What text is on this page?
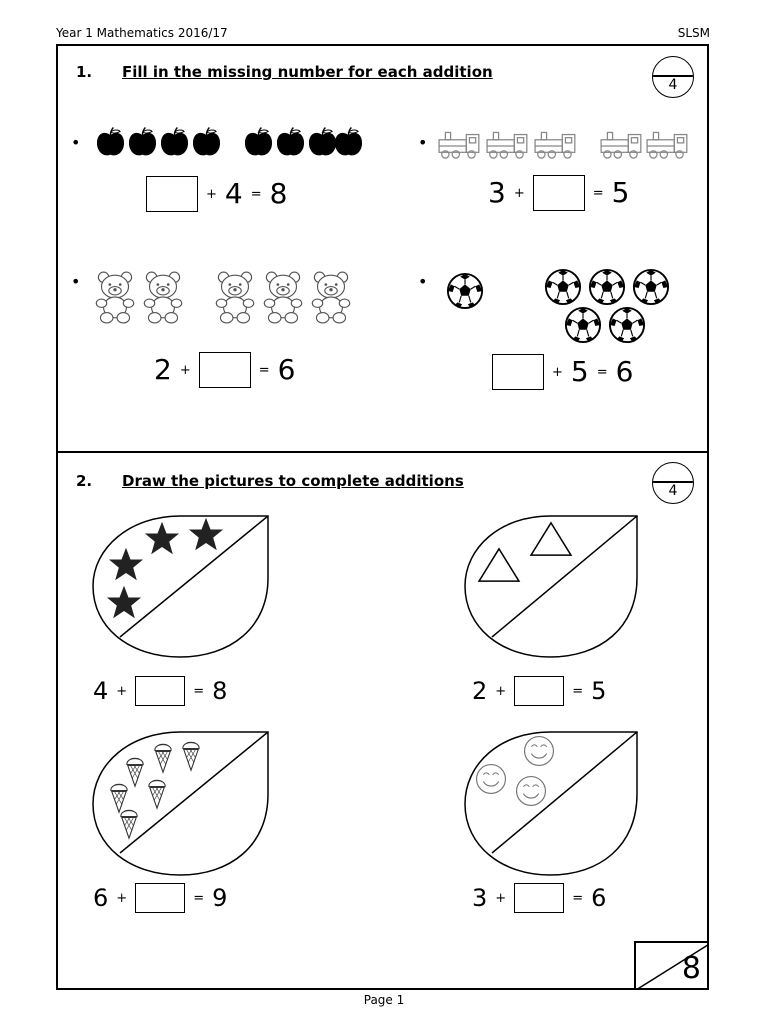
Year 1 Mathematics 2016/17	SLSM
1. Fill in the missing number for each addition
4
•	•
•	•
+ 4 = 8	3 +	= 5
2 +	= 6	+ 5 = 6
2. Draw the pictures to complete additions
4
4 +	= 8	2 +	= 5
6 +	= 9	3 +	= 6
8
Page 1
